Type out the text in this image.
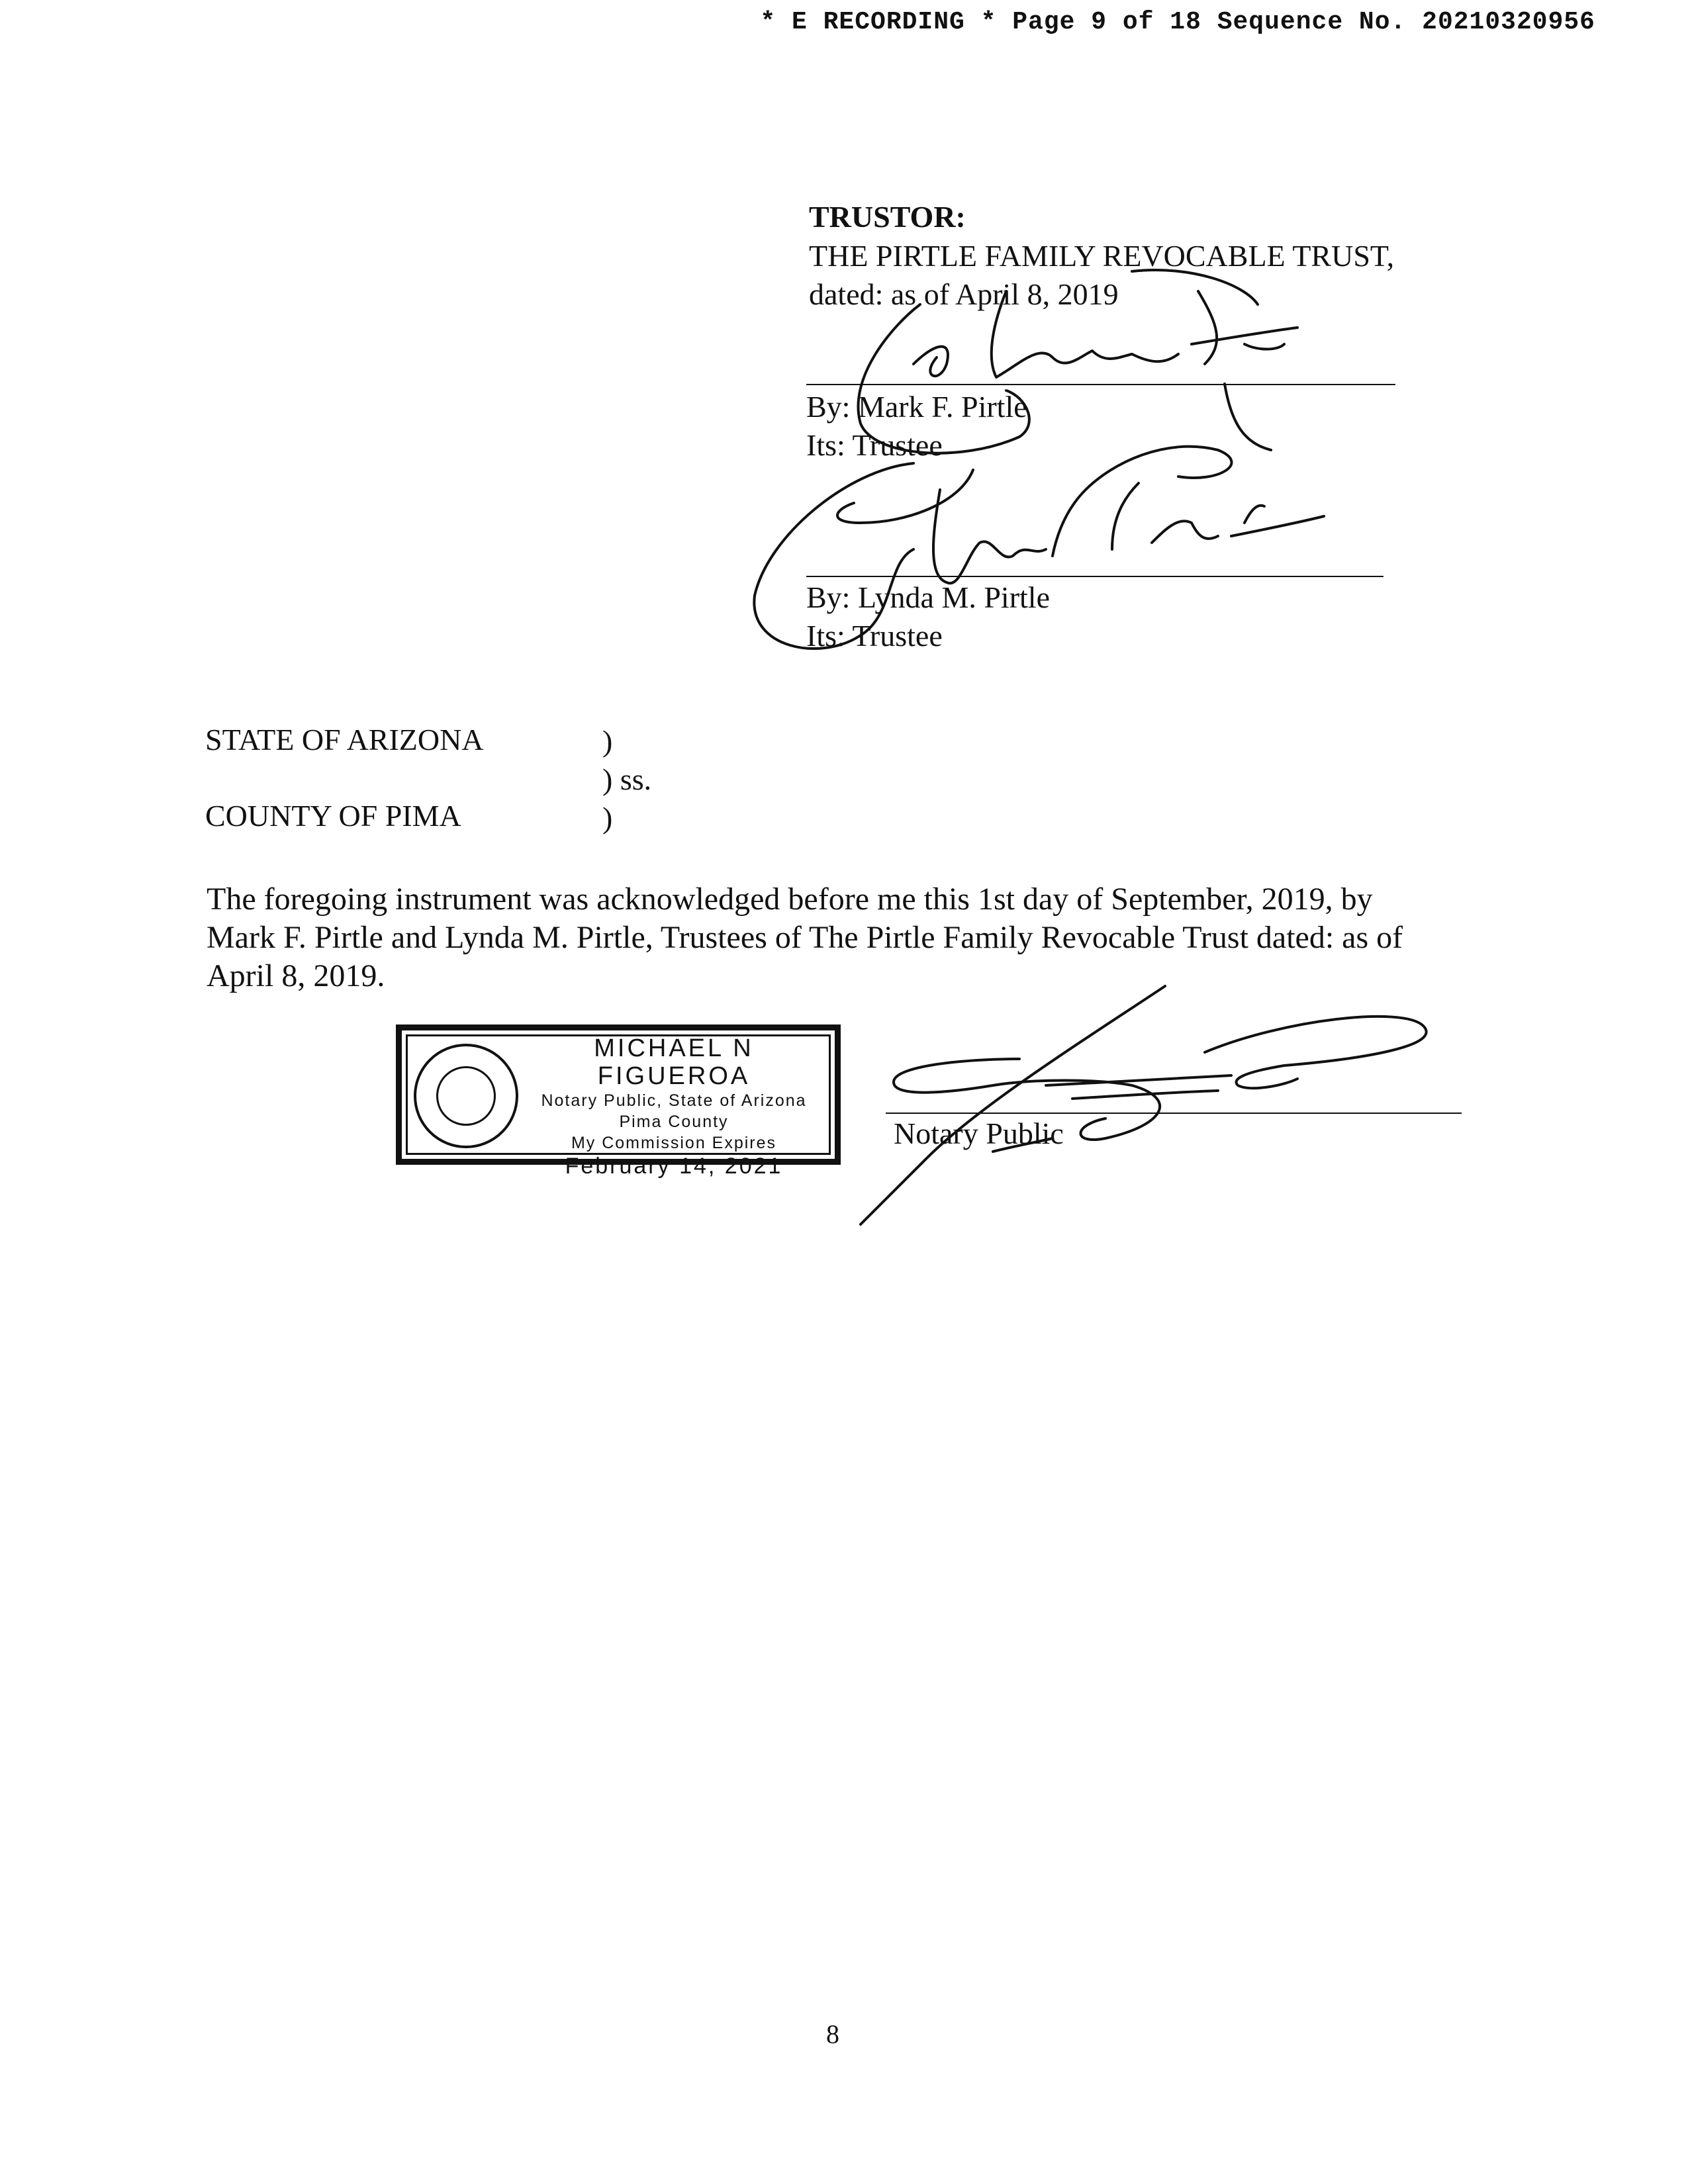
* E RECORDING * Page 9 of 18 Sequence No. 20210320956
TRUSTOR:
THE PIRTLE FAMILY REVOCABLE TRUST,
dated: as of April 8, 2019
By: Mark F. Pirtle
Its: Trustee
By: Lynda M. Pirtle
Its: Trustee
STATE OF ARIZONA
COUNTY OF PIMA
)
) ss.
)
The foregoing instrument was acknowledged before me this 1st day of September, 2019, by
Mark F. Pirtle and Lynda M. Pirtle, Trustees of The Pirtle Family Revocable Trust dated: as of
April 8, 2019.
MICHAEL N FIGUEROA
Notary Public, State of Arizona
Pima County
My Commission Expires
February 14, 2021
Notary Public
8
